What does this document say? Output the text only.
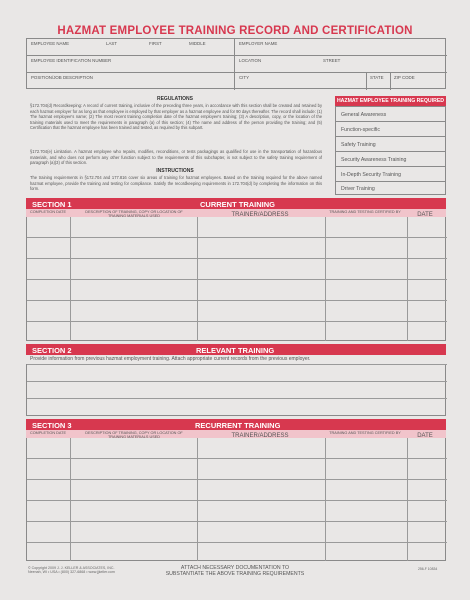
HAZMAT EMPLOYEE TRAINING RECORD AND CERTIFICATION
EMPLOYEE NAME	LAST	FIRST	MIDDLE	EMPLOYER NAME
EMPLOYEE IDENTIFICATION NUMBER	LOCATION	STREET
POSITION/JOB DESCRIPTION	CITY	STATE ZIP CODE
REGULATIONS
§172.704(d) Recordkeeping: A record of current training, inclusive of the preceding three years, in accordance with this section shall be created and retained by each hazmat employer for as long as that employee is employed by that employer as a hazmat employee and for 90 days thereafter. The record shall include: (1) The hazmat employee's name; (2) The most recent training completion date of the hazmat employee's training; (3) A description, copy, or the location of the training materials used to meet the requirements in paragraph (a) of this section; (4) The name and address of the person providing the training; and (5) Certification that the hazmat employee has been trained and tested, as required by this subpart.
§172.704(e) Limitation. A hazmat employee who repairs, modifies, reconditions, or tests packagings as qualified for use in the transportation of hazardous materials, and who does not perform any other function subject to the requirements of this subchapter, is not subject to the safety training requirement of paragraph (a)(3) of this section.
INSTRUCTIONS
The training requirements in §172.704 and 177.816 cover six areas of training for hazmat employees. Based on the training required for the above named hazmat employee, provide the training and testing for compliance. Satisfy the recordkeeping requirements in 172.704(d) by completing the information on this form.
HAZMAT EMPLOYEE TRAINING REQUIRED
General Awareness
Function-specific
Safety Training
Security Awareness Training
In-Depth Security Training
Driver Training
SECTION 1	CURRENT TRAINING
COMPLETION DATE	DESCRIPTION OF TRAINING, COPY OR LOCATION OF TRAINING MATERIALS USED	TRAINER/ADDRESS	TRAINING AND TESTING CERTIFIED BY	DATE
SECTION 2	RELEVANT TRAINING
Provide information from previous hazmat employment training. Attach appropriate current records from the previous employer.
SECTION 3	RECURRENT TRAINING
COMPLETION DATE	DESCRIPTION OF TRAINING, COPY OR LOCATION OF TRAINING MATERIALS USED	TRAINER/ADDRESS	TRAINING AND TESTING CERTIFIED BY	DATE
© Copyright 2009 J. J. KELLER & ASSOCIATES, INC.
Neenah, WI • USA • (800) 327-6868 • www.jjkeller.com
ATTACH NECESSARY DOCUMENTATION TO
SUBSTANTIATE THE ABOVE TRAINING REQUIREMENTS
256-F 10834
